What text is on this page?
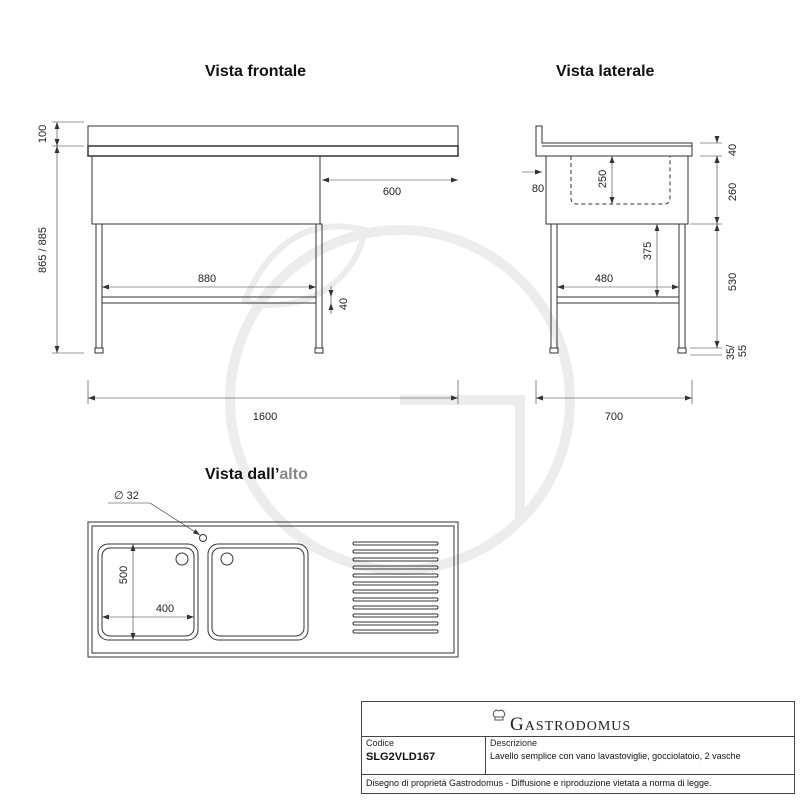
Vista frontale	Vista laterale
Vista dall’alto
100
865 / 885
600
880
40
1600
40
250
80	260
375
480	530
35/ 55
700
∅ 32
500
400
GASTRODOMUS
Codice
SLG2VLD167
Descrizione
Lavello semplice con vano lavastoviglie, gocciolatoio, 2 vasche
Disegno di proprietà Gastrodomus - Diffusione e riproduzione vietata a norma di legge.
